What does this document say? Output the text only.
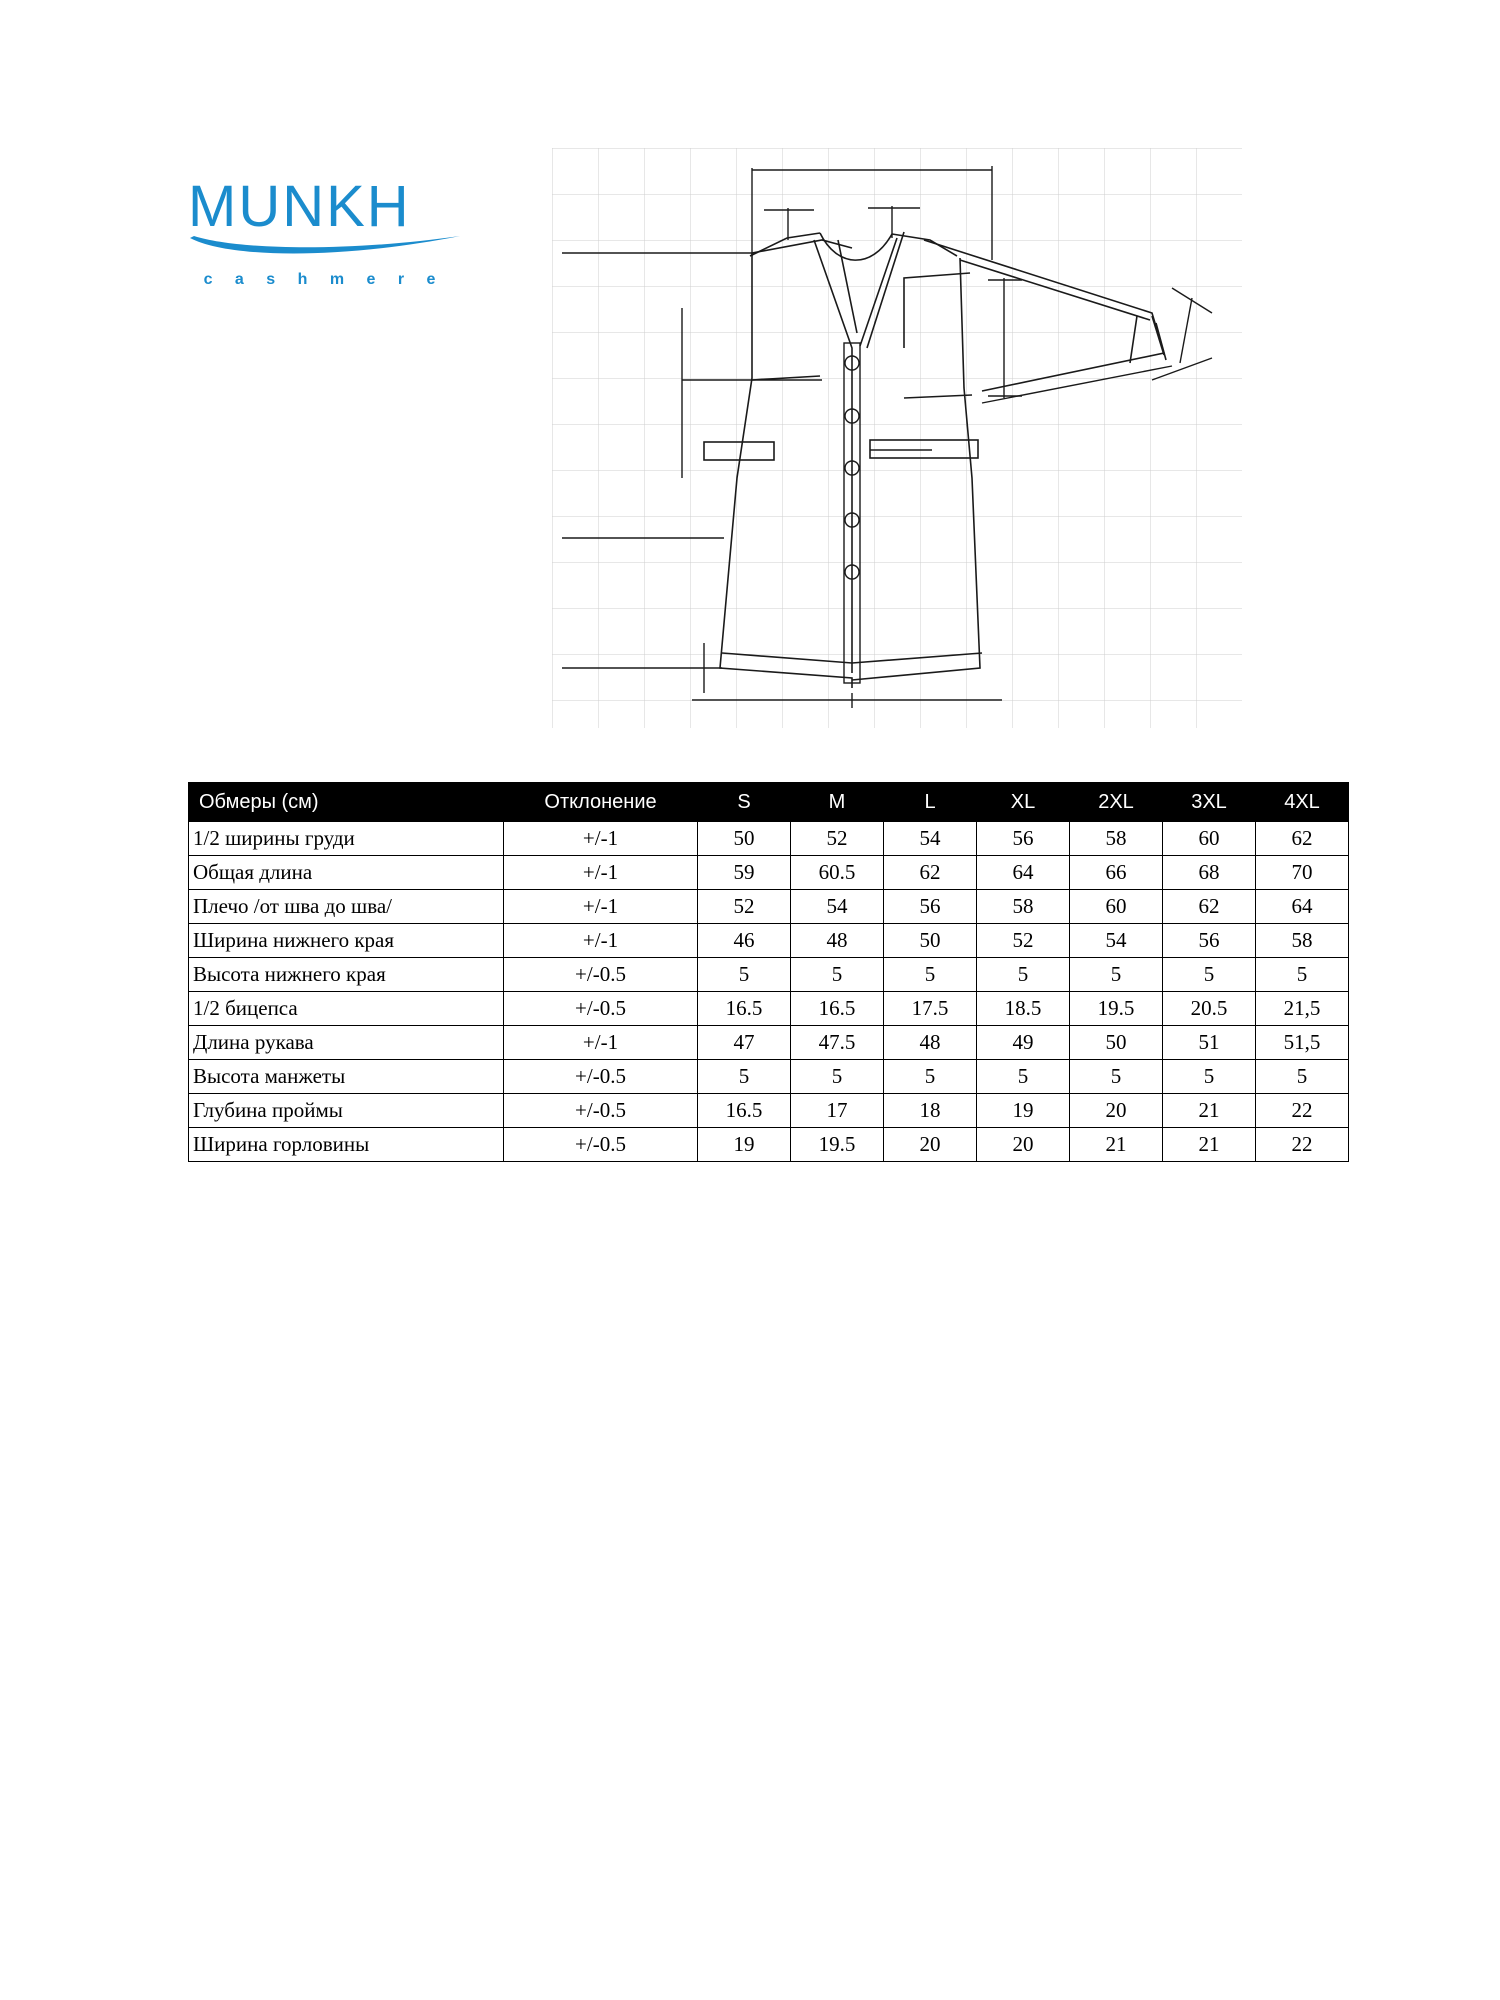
MUNKH
c a s h m e r e
Обмеры (см)	Отклонение	S	M	L	XL	2XL	3XL	4XL
1/2 ширины груди	+/-1	50	52	54	56	58	60	62
Общая длина	+/-1	59	60.5	62	64	66	68	70
Плечо /от шва до шва/	+/-1	52	54	56	58	60	62	64
Ширина нижнего края	+/-1	46	48	50	52	54	56	58
Высота нижнего края	+/-0.5	5	5	5	5	5	5	5
1/2 бицепса	+/-0.5	16.5	16.5	17.5	18.5	19.5	20.5	21,5
Длина рукава	+/-1	47	47.5	48	49	50	51	51,5
Высота манжеты	+/-0.5	5	5	5	5	5	5	5
Глубина проймы	+/-0.5	16.5	17	18	19	20	21	22
Ширина горловины	+/-0.5	19	19.5	20	20	21	21	22
